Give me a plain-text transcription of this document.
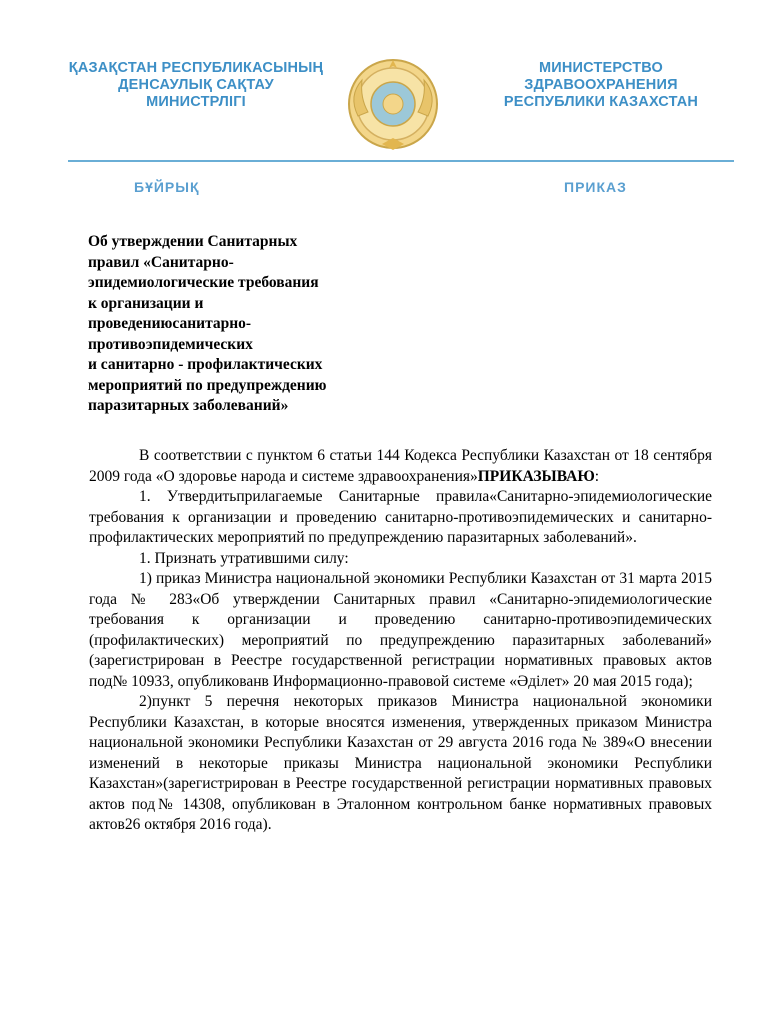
ҚАЗАҚСТАН РЕСПУБЛИКАСЫНЫҢ
ДЕНСАУЛЫҚ САҚТАУ
МИНИСТРЛІГІ
МИНИСТЕРСТВО
ЗДРАВООХРАНЕНИЯ
РЕСПУБЛИКИ КАЗАХСТАН
БҰЙРЫҚ	ПРИКАЗ
Об утверждении Санитарных
правил «Санитарно-
эпидемиологические требования
к организации и
проведениюсанитарно-
противоэпидемических
и санитарно - профилактических
мероприятий по предупреждению
паразитарных заболеваний»

В соответствии с пунктом 6 статьи 144 Кодекса Республики Казахстан от 18 сентября 2009 года «О здоровье народа и системе здравоохранения»ПРИКАЗЫВАЮ:

1. Утвердитьприлагаемые Санитарные правила«Санитарно-эпидемиологические требования к организации и проведению санитарно-противоэпидемических и санитарно-профилактических мероприятий по предупреждению паразитарных заболеваний».

1. Признать утратившими силу:

1) приказ Министра национальной экономики Республики Казахстан от 31 марта 2015 года № 283«Об утверждении Санитарных правил «Санитарно-эпидемиологические требования к организации и проведению санитарно-противоэпидемических (профилактических) мероприятий по предупреждению паразитарных заболеваний» (зарегистрирован в Реестре государственной регистрации нормативных правовых актов под№ 10933, опубликованв Информационно-правовой системе «Әділет» 20 мая 2015 года);

2)пункт 5 перечня некоторых приказов Министра национальной экономики Республики Казахстан, в которые вносятся изменения, утвержденных приказом Министра национальной экономики Республики Казахстан от 29 августа 2016 года № 389«О внесении изменений в некоторые приказы Министра национальной экономики Республики Казахстан»(зарегистрирован в Реестре государственной регистрации нормативных правовых актов под№ 14308, опубликован в Эталонном контрольном банке нормативных правовых актов26 октября 2016 года).
